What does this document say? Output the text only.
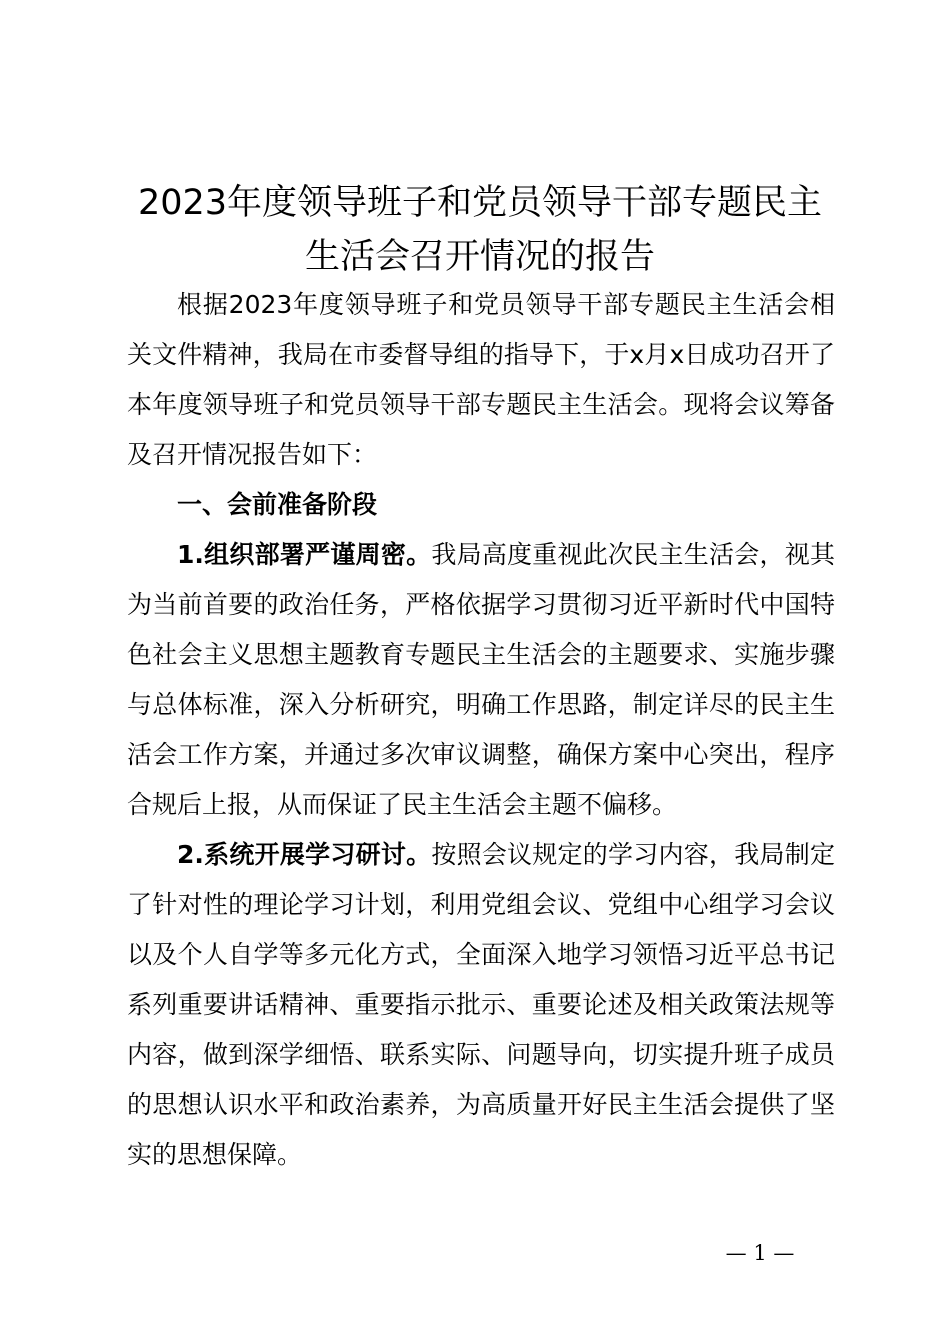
2023年度领导班子和党员领导干部专题民主
生活会召开情况的报告

根据2023年度领导班子和党员领导干部专题民主生活会相关文件精神，我局在市委督导组的指导下，于x月x日成功召开了本年度领导班子和党员领导干部专题民主生活会。现将会议筹备及召开情况报告如下：

一、会前准备阶段

1.组织部署严谨周密。我局高度重视此次民主生活会，视其为当前首要的政治任务，严格依据学习贯彻习近平新时代中国特色社会主义思想主题教育专题民主生活会的主题要求、实施步骤与总体标准，深入分析研究，明确工作思路，制定详尽的民主生活会工作方案，并通过多次审议调整，确保方案中心突出，程序合规后上报，从而保证了民主生活会主题不偏移。

2.系统开展学习研讨。按照会议规定的学习内容，我局制定了针对性的理论学习计划，利用党组会议、党组中心组学习会议以及个人自学等多元化方式，全面深入地学习领悟习近平总书记系列重要讲话精神、重要指示批示、重要论述及相关政策法规等内容，做到深学细悟、联系实际、问题导向，切实提升班子成员的思想认识水平和政治素养，为高质量开好民主生活会提供了坚实的思想保障。

— 1 —
